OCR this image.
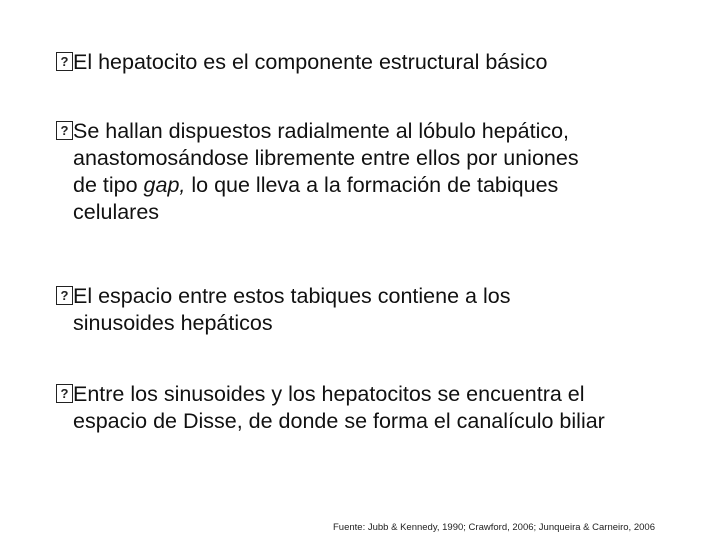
?El hepatocito es el componente estructural básico
?Se hallan dispuestos radialmente al lóbulo hepático,
anastomosándose libremente entre ellos por uniones
de tipo gap, lo que lleva a la formación de tabiques
celulares
?El espacio entre estos tabiques contiene a los
sinusoides hepáticos
?Entre los sinusoides y los hepatocitos se encuentra el
espacio de Disse, de donde se forma el canalículo biliar
Fuente: Jubb & Kennedy, 1990; Crawford, 2006; Junqueira & Carneiro, 2006
